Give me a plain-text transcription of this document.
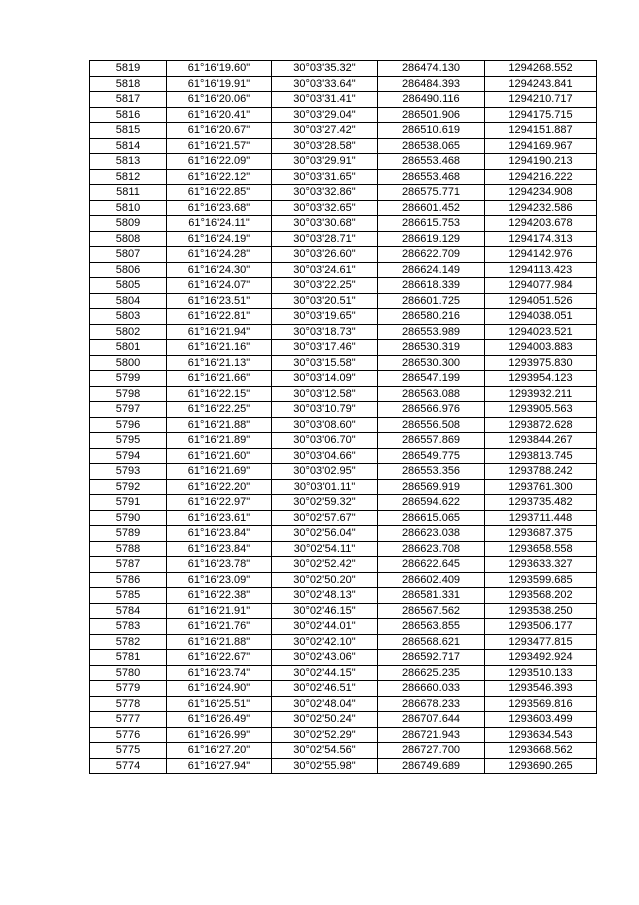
5819	61°16'19.60"	30°03'35.32"	286474.130	1294268.552
5818	61°16'19.91"	30°03'33.64"	286484.393	1294243.841
5817	61°16'20.06"	30°03'31.41"	286490.116	1294210.717
5816	61°16'20.41"	30°03'29.04"	286501.906	1294175.715
5815	61°16'20.67"	30°03'27.42"	286510.619	1294151.887
5814	61°16'21.57"	30°03'28.58"	286538.065	1294169.967
5813	61°16'22.09"	30°03'29.91"	286553.468	1294190.213
5812	61°16'22.12"	30°03'31.65"	286553.468	1294216.222
5811	61°16'22.85"	30°03'32.86"	286575.771	1294234.908
5810	61°16'23.68"	30°03'32.65"	286601.452	1294232.586
5809	61°16'24.11"	30°03'30.68"	286615.753	1294203.678
5808	61°16'24.19"	30°03'28.71"	286619.129	1294174.313
5807	61°16'24.28"	30°03'26.60"	286622.709	1294142.976
5806	61°16'24.30"	30°03'24.61"	286624.149	1294113.423
5805	61°16'24.07"	30°03'22.25"	286618.339	1294077.984
5804	61°16'23.51"	30°03'20.51"	286601.725	1294051.526
5803	61°16'22.81"	30°03'19.65"	286580.216	1294038.051
5802	61°16'21.94"	30°03'18.73"	286553.989	1294023.521
5801	61°16'21.16"	30°03'17.46"	286530.319	1294003.883
5800	61°16'21.13"	30°03'15.58"	286530.300	1293975.830
5799	61°16'21.66"	30°03'14.09"	286547.199	1293954.123
5798	61°16'22.15"	30°03'12.58"	286563.088	1293932.211
5797	61°16'22.25"	30°03'10.79"	286566.976	1293905.563
5796	61°16'21.88"	30°03'08.60"	286556.508	1293872.628
5795	61°16'21.89"	30°03'06.70"	286557.869	1293844.267
5794	61°16'21.60"	30°03'04.66"	286549.775	1293813.745
5793	61°16'21.69"	30°03'02.95"	286553.356	1293788.242
5792	61°16'22.20"	30°03'01.11"	286569.919	1293761.300
5791	61°16'22.97"	30°02'59.32"	286594.622	1293735.482
5790	61°16'23.61"	30°02'57.67"	286615.065	1293711.448
5789	61°16'23.84"	30°02'56.04"	286623.038	1293687.375
5788	61°16'23.84"	30°02'54.11"	286623.708	1293658.558
5787	61°16'23.78"	30°02'52.42"	286622.645	1293633.327
5786	61°16'23.09"	30°02'50.20"	286602.409	1293599.685
5785	61°16'22.38"	30°02'48.13"	286581.331	1293568.202
5784	61°16'21.91"	30°02'46.15"	286567.562	1293538.250
5783	61°16'21.76"	30°02'44.01"	286563.855	1293506.177
5782	61°16'21.88"	30°02'42.10"	286568.621	1293477.815
5781	61°16'22.67"	30°02'43.06"	286592.717	1293492.924
5780	61°16'23.74"	30°02'44.15"	286625.235	1293510.133
5779	61°16'24.90"	30°02'46.51"	286660.033	1293546.393
5778	61°16'25.51"	30°02'48.04"	286678.233	1293569.816
5777	61°16'26.49"	30°02'50.24"	286707.644	1293603.499
5776	61°16'26.99"	30°02'52.29"	286721.943	1293634.543
5775	61°16'27.20"	30°02'54.56"	286727.700	1293668.562
5774	61°16'27.94"	30°02'55.98"	286749.689	1293690.265
